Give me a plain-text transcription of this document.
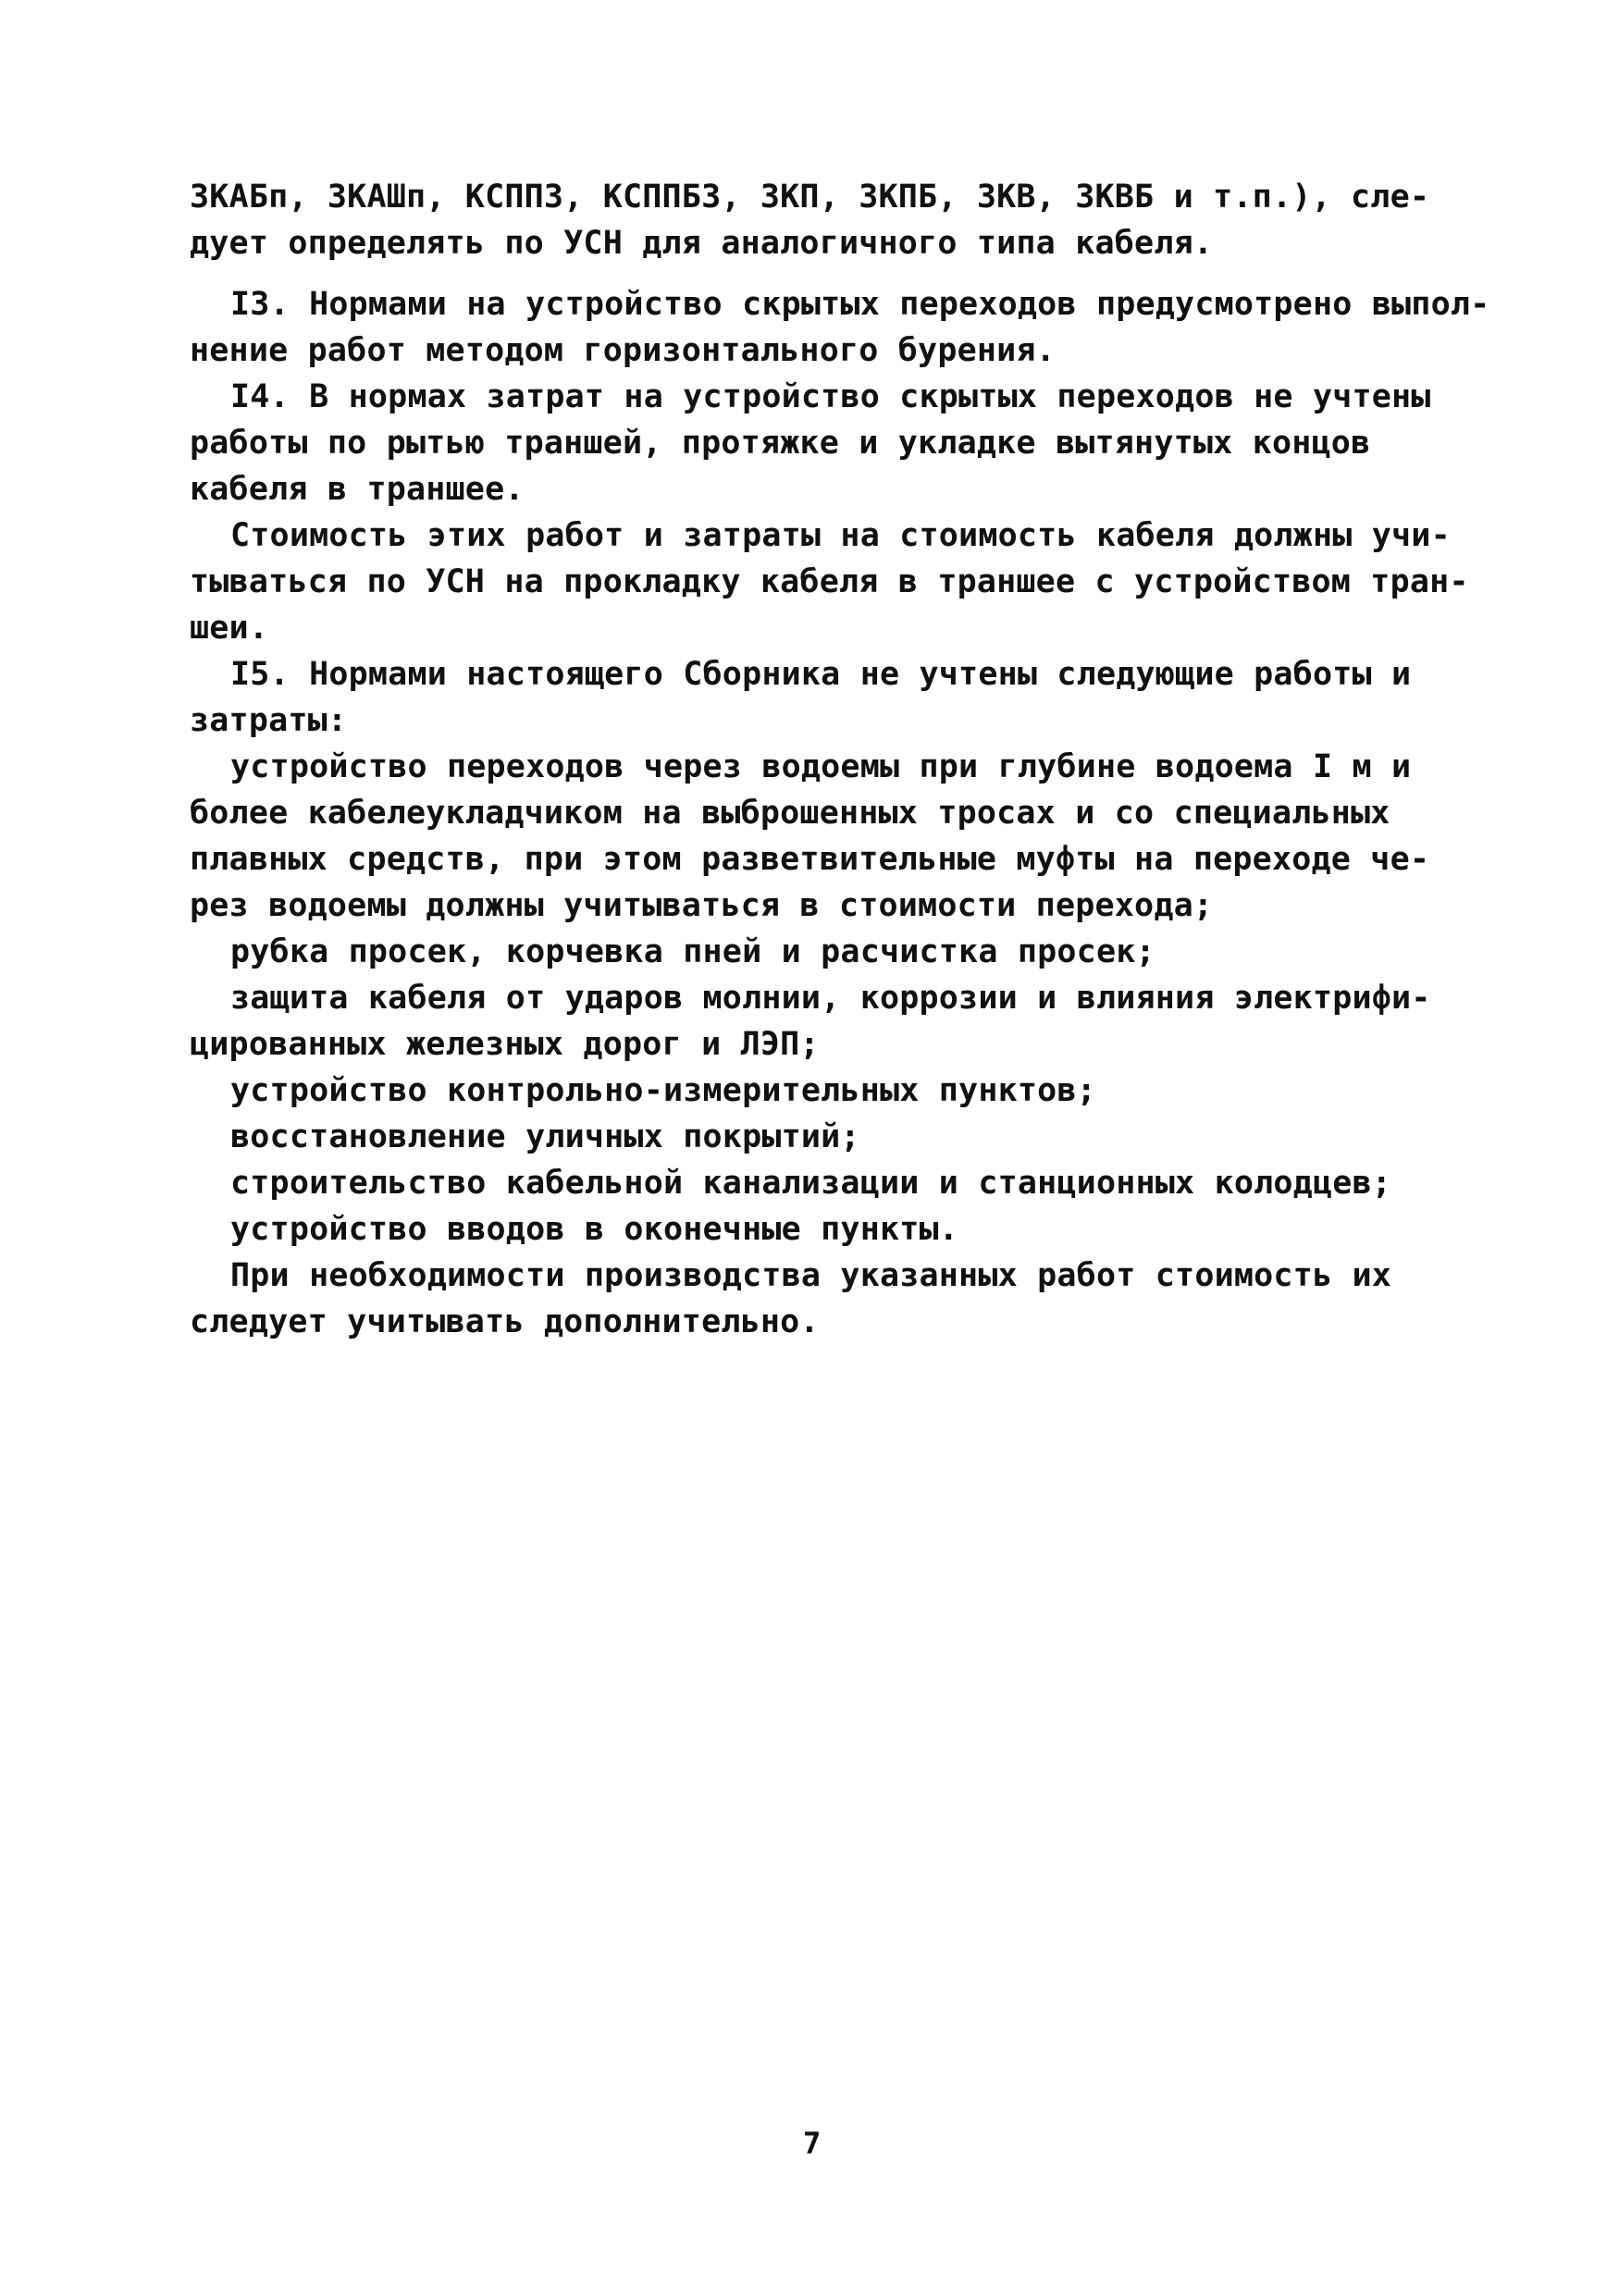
ЗКАБп, ЗКАШп, КСПП3, КСППБ3, ЗКП, ЗКПБ, ЗКВ, ЗКВБ и т.п.), сле-
дует определять по УСН для аналогичного типа кабеля.
I3. Нормами на устройство скрытых переходов предусмотрено выпол-
нение работ методом горизонтального бурения.
I4. В нормах затрат на устройство скрытых переходов не учтены
работы по рытью траншей, протяжке и укладке вытянутых концов
кабеля в траншее.
Стоимость этих работ и затраты на стоимость кабеля должны учи-
тываться по УСН на прокладку кабеля в траншее с устройством тран-
шеи.
I5. Нормами настоящего Сборника не учтены следующие работы и
затраты:
устройство переходов через водоемы при глубине водоема I м и
более кабелеукладчиком на выброшенных тросах и со специальных
плавных средств, при этом разветвительные муфты на переходе че-
рез водоемы должны учитываться в стоимости перехода;
рубка просек, корчевка пней и расчистка просек;
защита кабеля от ударов молнии, коррозии и влияния электрифи-
цированных железных дорог и ЛЭП;
устройство контрольно-измерительных пунктов;
восстановление уличных покрытий;
строительство кабельной канализации и станционных колодцев;
устройство вводов в оконечные пункты.
При необходимости производства указанных работ стоимость их
следует учитывать дополнительно.
7
